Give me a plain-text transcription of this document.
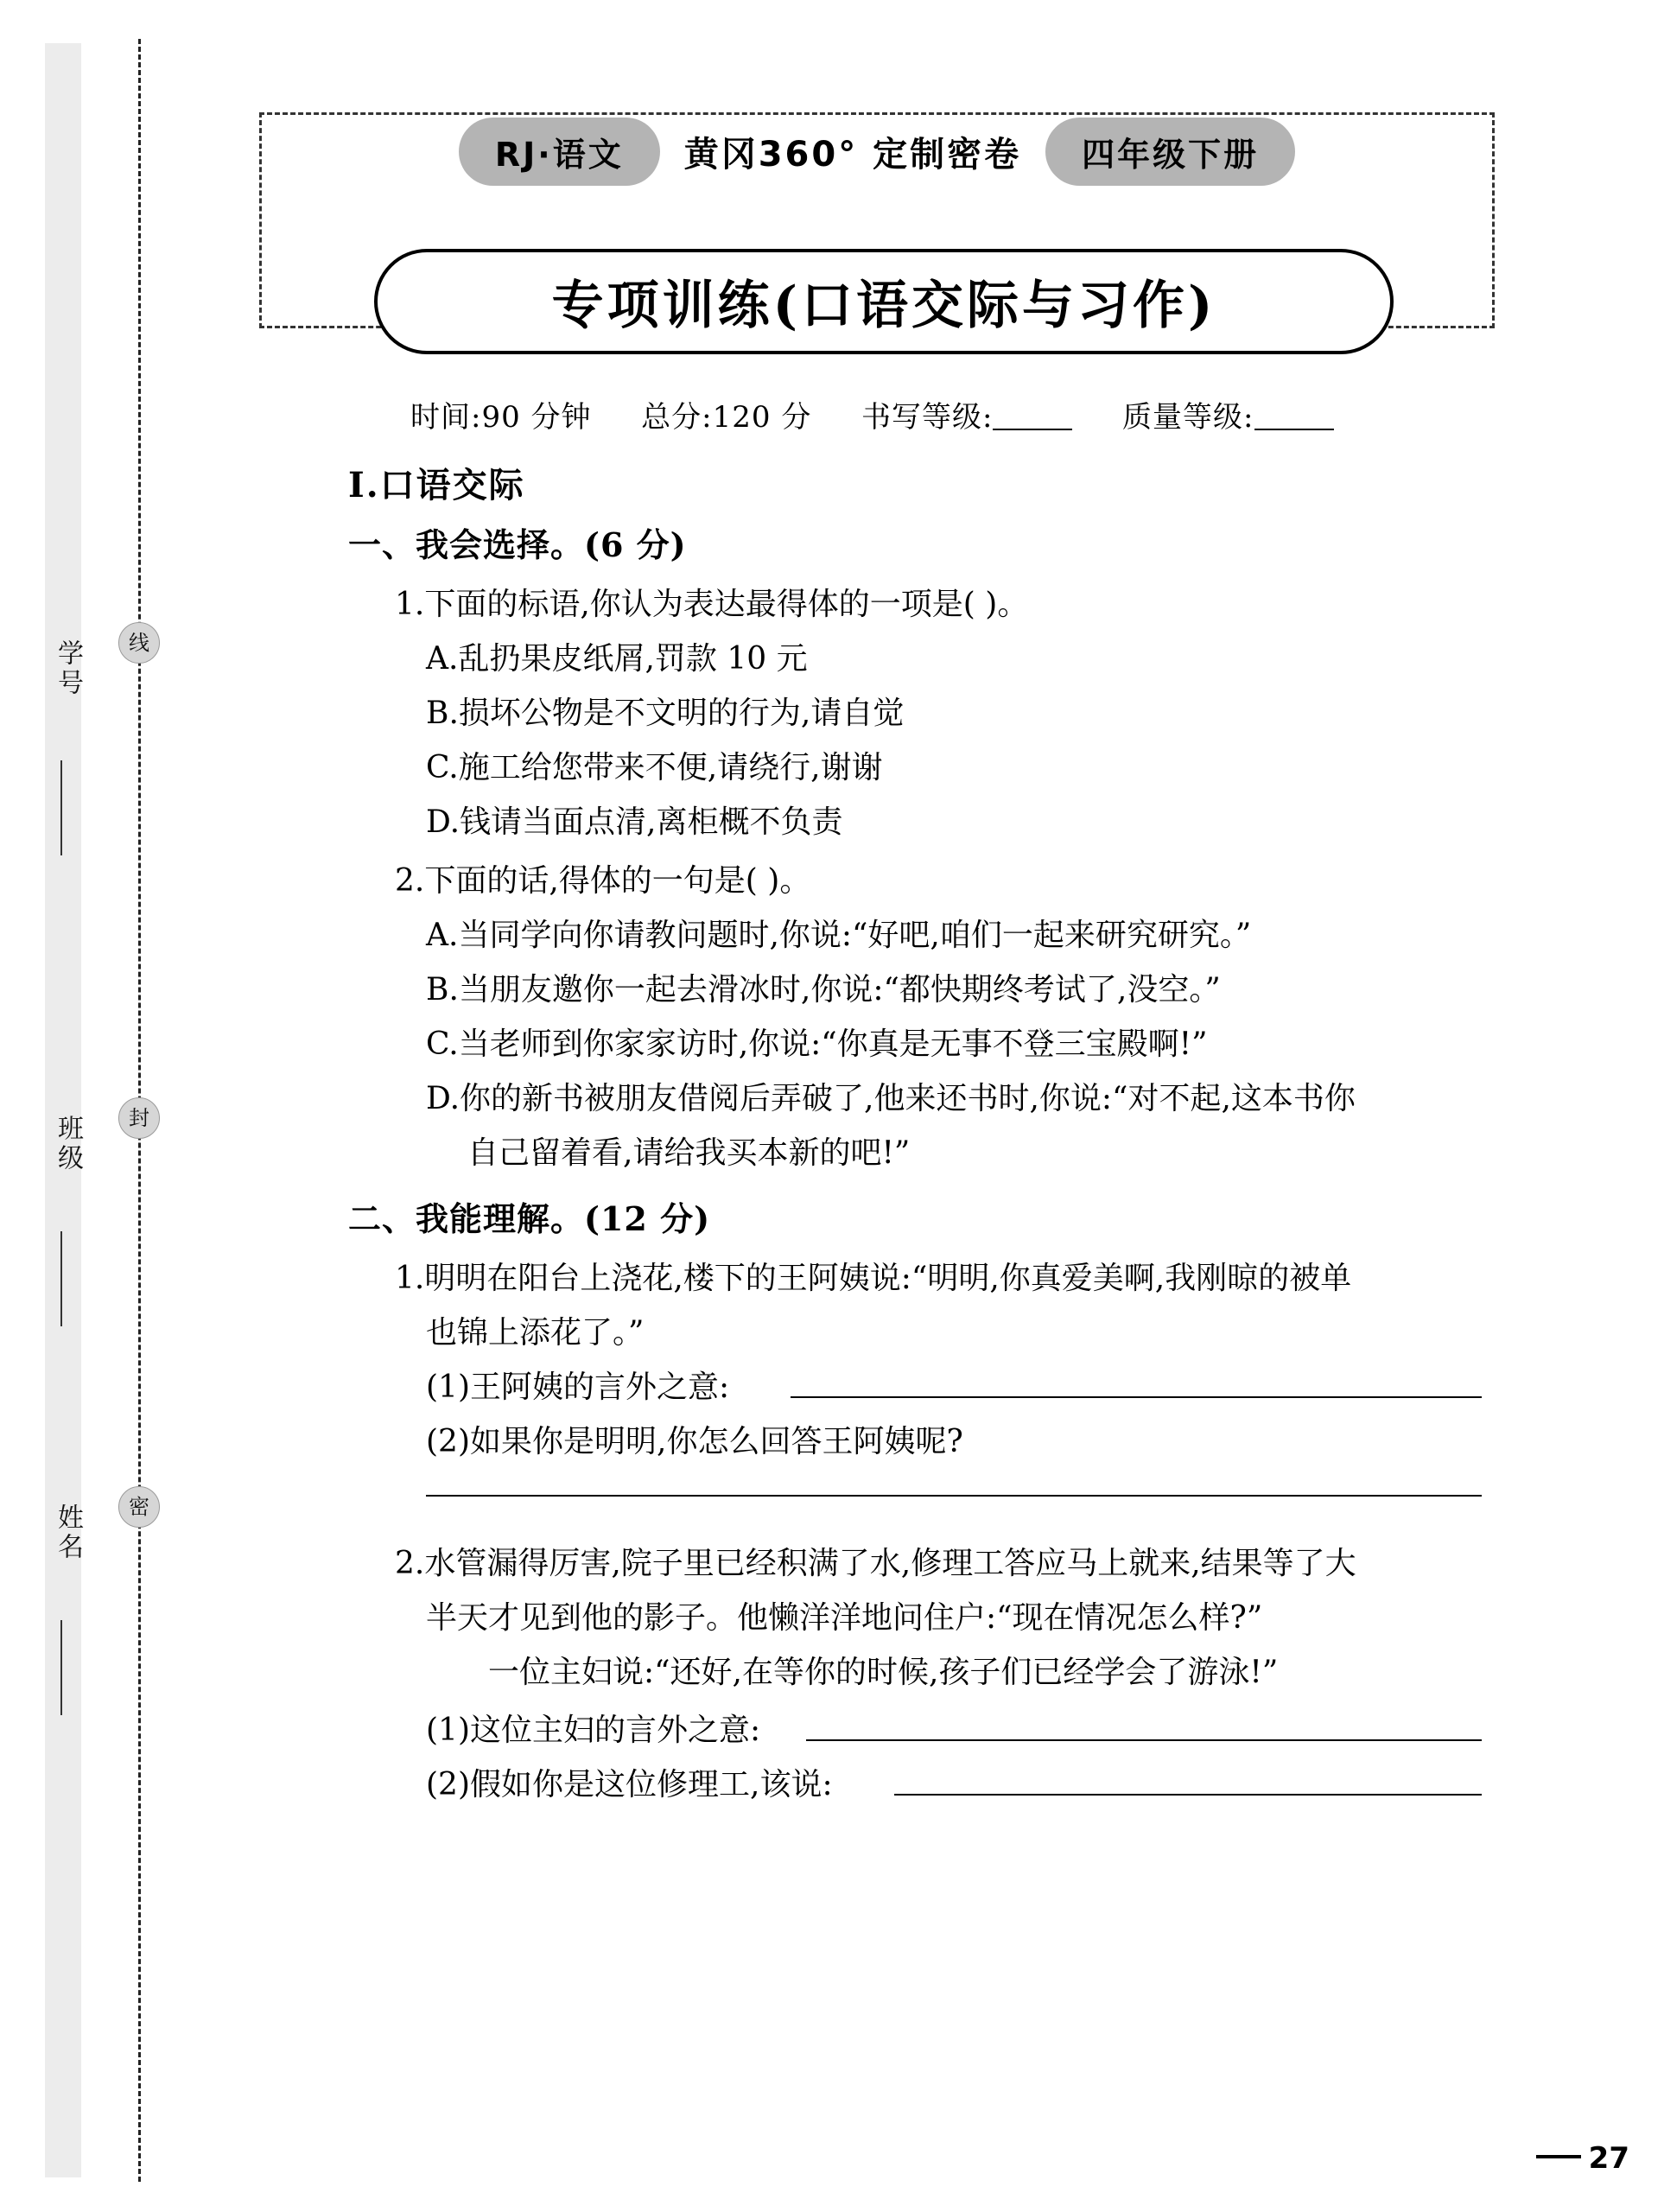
学号
班级
姓名
线
封
密
RJ·语文	黄冈360° 定制密卷	四年级下册
专项训练(口语交际与习作)
时间:90 分钟 总分:120 分 书写等级:	质量等级:
Ⅰ.口语交际
一、我会选择。(6 分)
1.下面的标语,你认为表达最得体的一项是( )。
A.乱扔果皮纸屑,罚款 10 元
B.损坏公物是不文明的行为,请自觉
C.施工给您带来不便,请绕行,谢谢
D.钱请当面点清,离柜概不负责
2.下面的话,得体的一句是( )。
A.当同学向你请教问题时,你说:“好吧,咱们一起来研究研究。”
B.当朋友邀你一起去滑冰时,你说:“都快期终考试了,没空。”
C.当老师到你家家访时,你说:“你真是无事不登三宝殿啊!”
D.你的新书被朋友借阅后弄破了,他来还书时,你说:“对不起,这本书你
自己留着看,请给我买本新的吧!”
二、我能理解。(12 分)
1.明明在阳台上浇花,楼下的王阿姨说:“明明,你真爱美啊,我刚晾的被单
也锦上添花了。”
(1)王阿姨的言外之意:
(2)如果你是明明,你怎么回答王阿姨呢?
2.水管漏得厉害,院子里已经积满了水,修理工答应马上就来,结果等了大
半天才见到他的影子。他懒洋洋地问住户:“现在情况怎么样?”
一位主妇说:“还好,在等你的时候,孩子们已经学会了游泳!”
(1)这位主妇的言外之意:
(2)假如你是这位修理工,该说:
27
